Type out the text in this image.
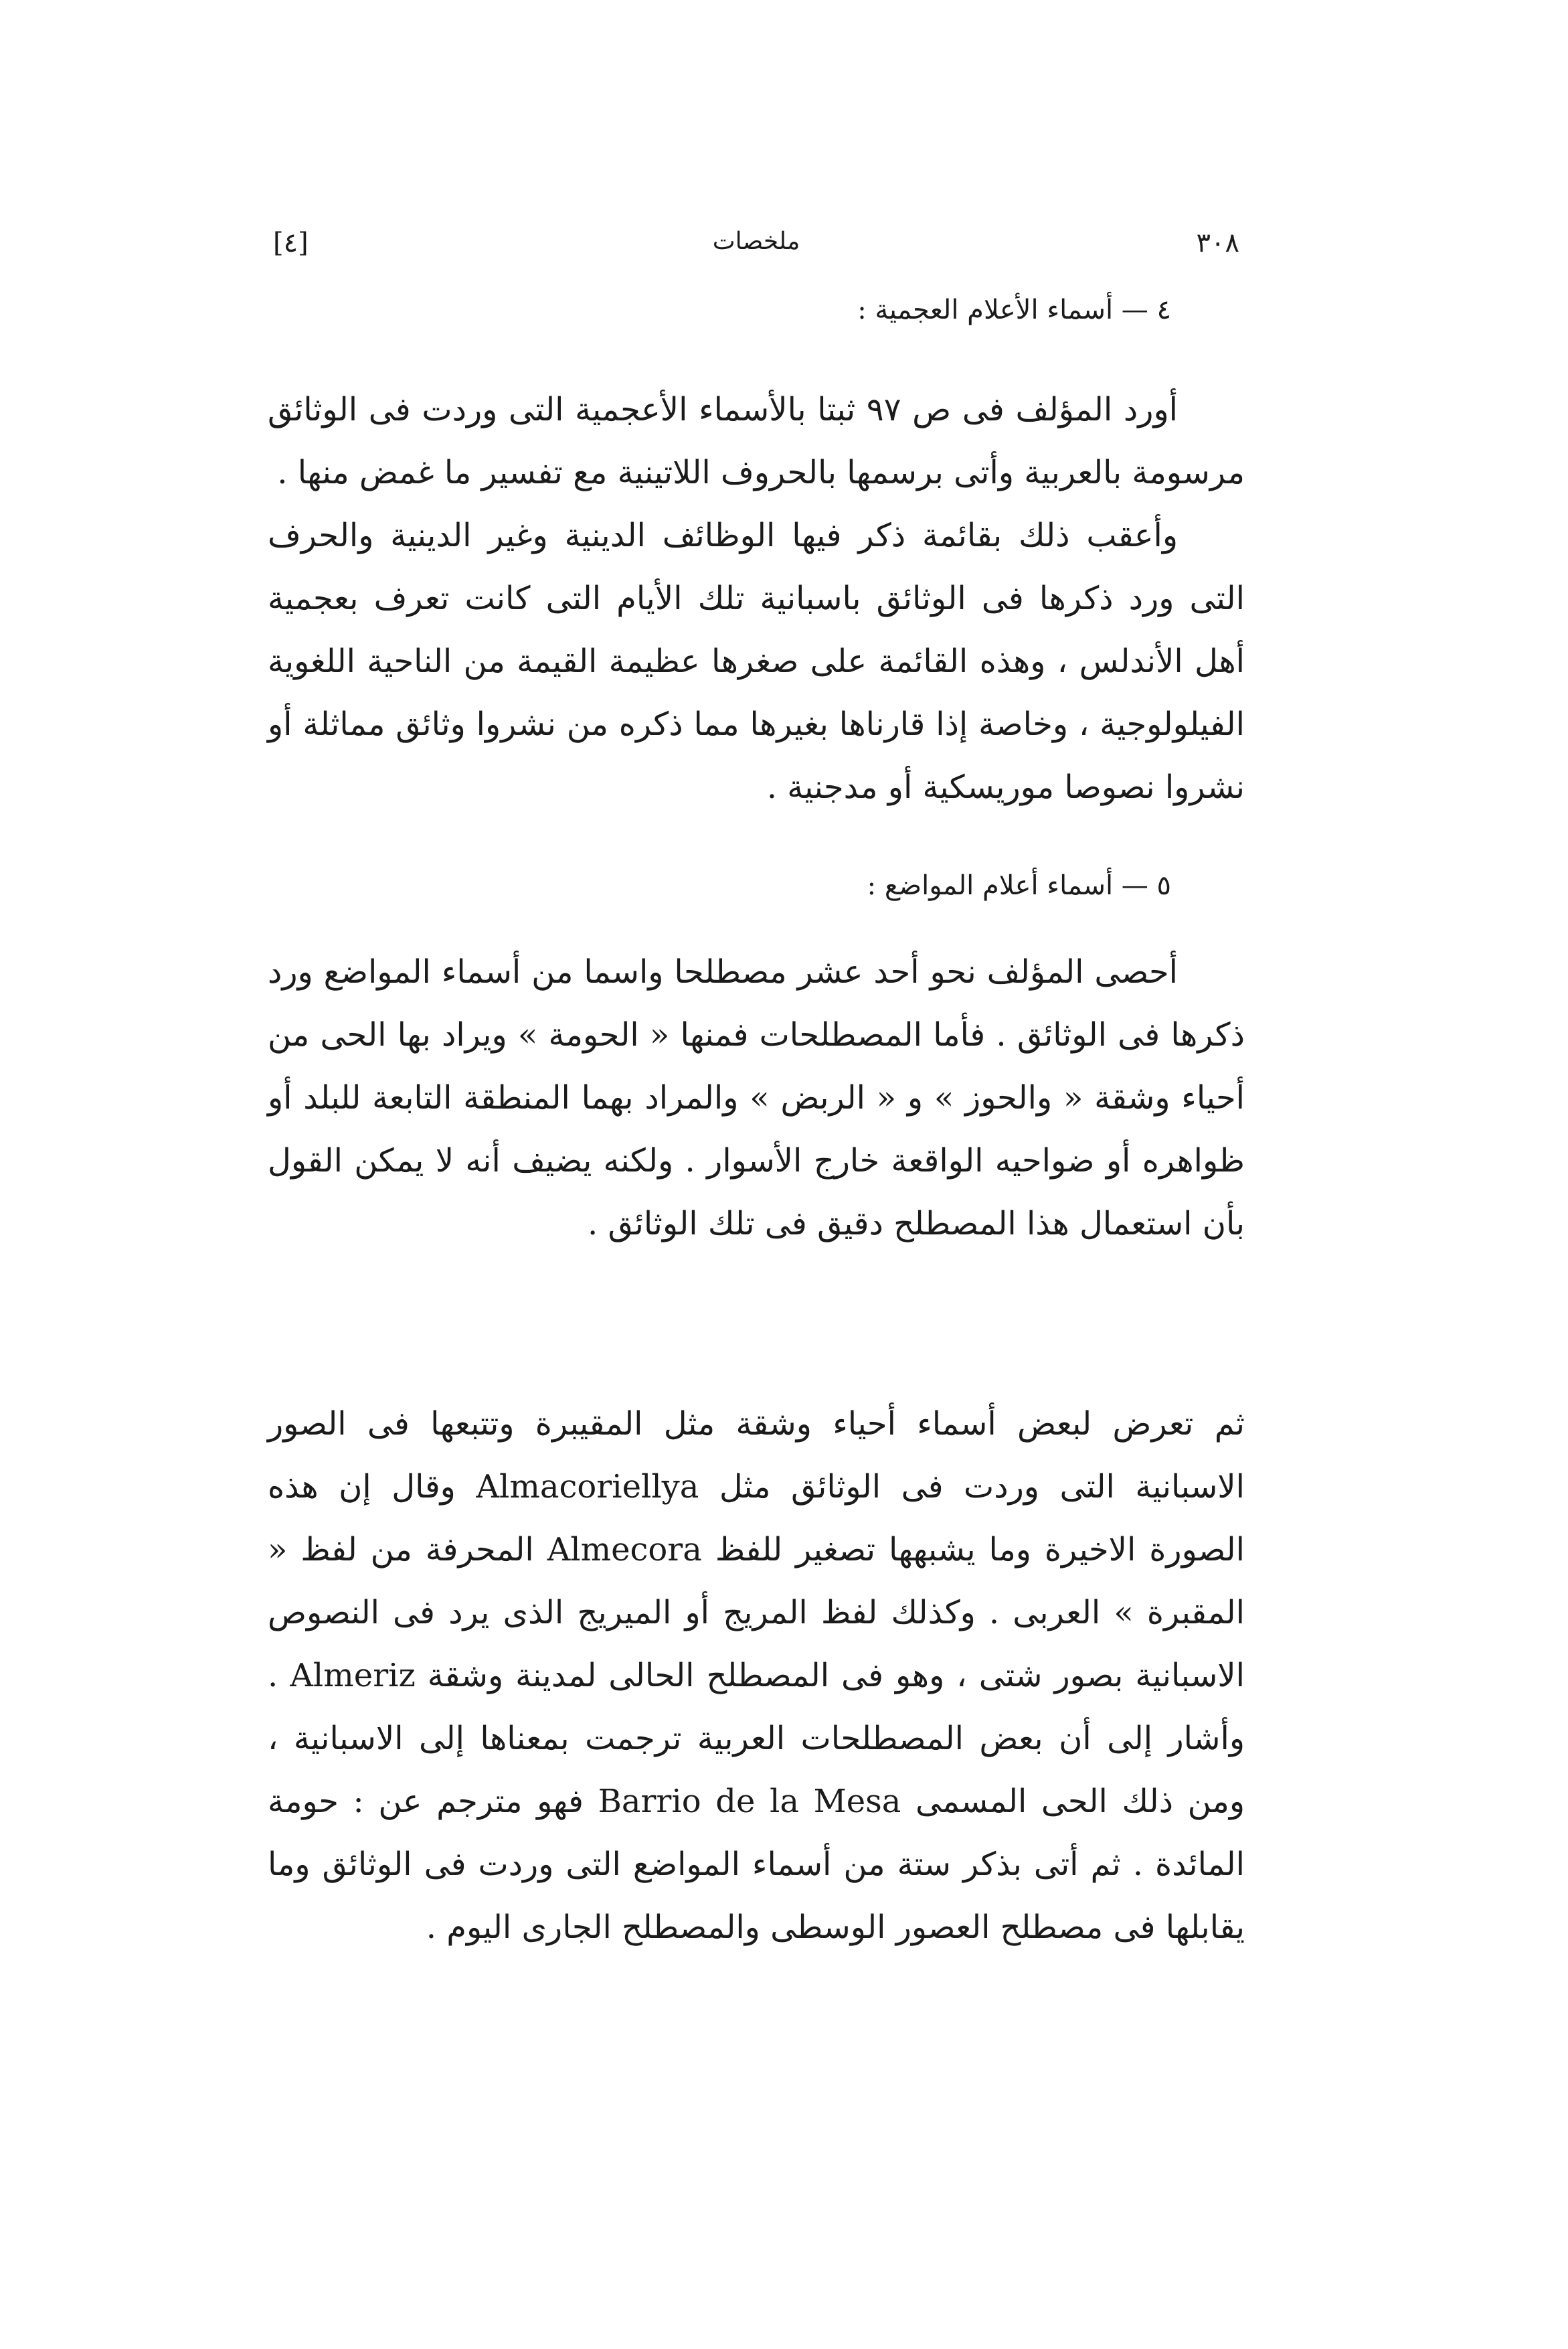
٣٠٨
ملخصات
[٤]
٤ — أسماء الأعلام العجمية :
أورد المؤلف فى ص ٩٧ ثبتا بالأسماء الأعجمية التى وردت فى الوثائق مرسومة بالعربية وأتى برسمها بالحروف اللاتينية مع تفسير ما غمض منها .
وأعقب ذلك بقائمة ذكر فيها الوظائف الدينية وغير الدينية والحرف التى ورد ذكرها فى الوثائق باسبانية تلك الأيام التى كانت تعرف بعجمية أهل الأندلس ، وهذه القائمة على صغرها عظيمة القيمة من الناحية اللغوية الفيلولوجية ، وخاصة إذا قارناها بغيرها مما ذكره من نشروا وثائق مماثلة أو نشروا نصوصا موريسكية أو مدجنية .
٥ — أسماء أعلام المواضع :
أحصى المؤلف نحو أحد عشر مصطلحا واسما من أسماء المواضع ورد ذكرها فى الوثائق . فأما المصطلحات فمنها « الحومة » ويراد بها الحى من أحياء وشقة « والحوز » و « الربض » والمراد بهما المنطقة التابعة للبلد أو ظواهره أو ضواحيه الواقعة خارج الأسوار . ولكنه يضيف أنه لا يمكن القول بأن استعمال هذا المصطلح دقيق فى تلك الوثائق .
ثم تعرض لبعض أسماء أحياء وشقة مثل المقيبرة وتتبعها فى الصور الاسبانية التى وردت فى الوثائق مثل Almacoriellya وقال إن هذه الصورة الاخيرة وما يشبهها تصغير للفظ Almecora المحرفة من لفظ « المقبرة » العربى . وكذلك لفظ المريج أو الميريج الذى يرد فى النصوص الاسبانية بصور شتى ، وهو فى المصطلح الحالى لمدينة وشقة Almeriz . وأشار إلى أن بعض المصطلحات العربية ترجمت بمعناها إلى الاسبانية ، ومن ذلك الحى المسمى Barrio de la Mesa فهو مترجم عن : حومة المائدة . ثم أتى بذكر ستة من أسماء المواضع التى وردت فى الوثائق وما يقابلها فى مصطلح العصور الوسطى والمصطلح الجارى اليوم .
